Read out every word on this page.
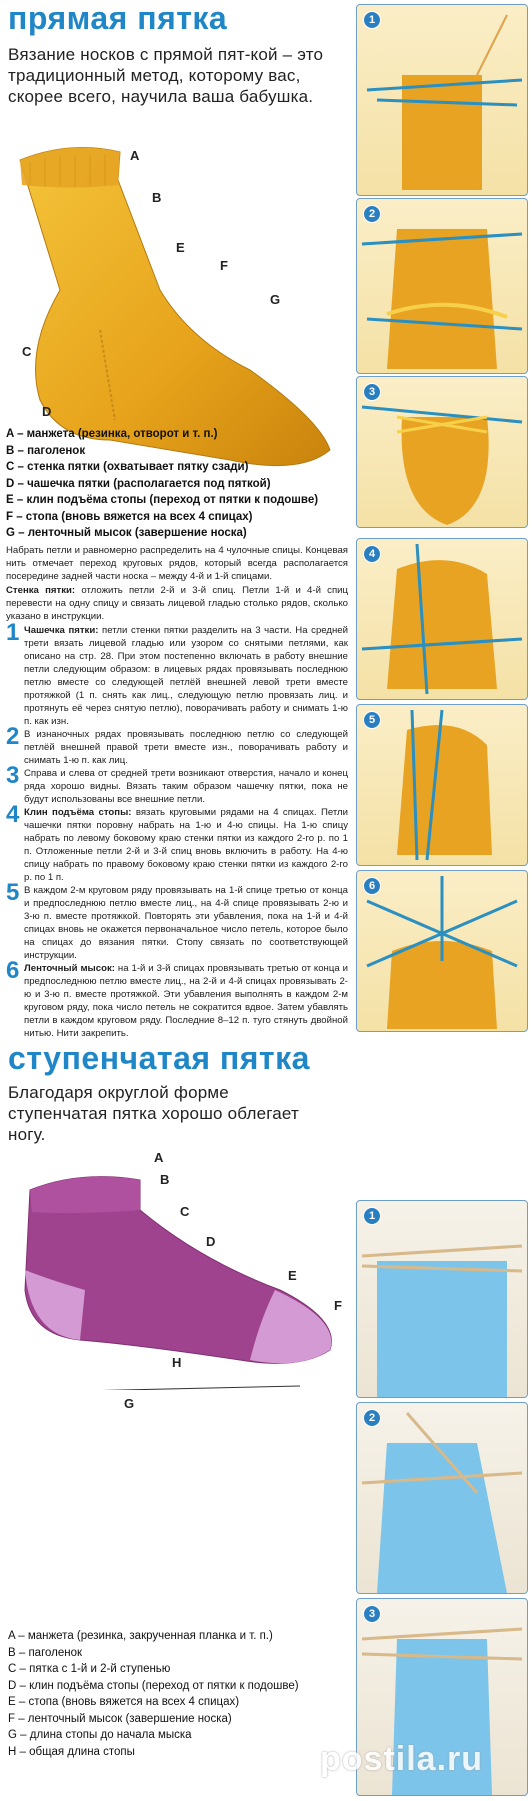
прямая пятка
Вязание носков с прямой пят-кой – это традиционный метод, которому вас, скорее всего, научила ваша бабушка.
A
B
E
F
G
C
D
A – манжета (резинка, отворот и т. п.)
B – паголенок
C – стенка пятки (охватывает пятку сзади)
D – чашечка пятки (располагается под пяткой)
E – клин подъёма стопы (переход от пятки к подошве)
F – стопа (вновь вяжется на всех 4 спицах)
G – ленточный мысок (завершение носка)

Набрать петли и равномерно распределить на 4 чулочные спицы. Концевая нить отмечает переход круговых рядов, который всегда располагается посередине задней части носка – между 4-й и 1-й спицами.

Стенка пятки: отложить петли 2-й и 3-й спиц. Петли 1-й и 4-й спиц перевести на одну спицу и связать лицевой гладью столько рядов, сколько указано в инструкции.

1 Чашечка пятки: петли стенки пятки разделить на 3 части. На средней трети вязать лицевой гладью или узором со снятыми петлями, как описано на стр. 28. При этом постепенно включать в работу внешние петли следующим образом: в лицевых рядах провязывать последнюю петлю вместе со следующей петлёй внешней левой трети вместе протяжкой (1 п. снять как лиц., следующую петлю провязать лиц. и протянуть её через снятую петлю), поворачивать работу и снимать 1-ю п. как изн.
2 В изнаночных рядах провязывать последнюю петлю со следующей петлёй внешней правой трети вместе изн., поворачивать работу и снимать 1-ю п. как лиц.
3 Справа и слева от средней трети возникают отверстия, начало и конец ряда хорошо видны. Вязать таким образом чашечку пятки, пока не будут использованы все внешние петли.
4 Клин подъёма стопы: вязать круговыми рядами на 4 спицах. Петли чашечки пятки поровну набрать на 1-ю и 4-ю спицы. На 1-ю спицу набрать по левому боковому краю стенки пятки из каждого 2-го р. по 1 п. Отложенные петли 2-й и 3-й спиц вновь включить в работу. На 4-ю спицу набрать по правому боковому краю стенки пятки из каждого 2-го р. по 1 п.
5 В каждом 2-м круговом ряду провязывать на 1-й спице третью от конца и предпоследнюю петлю вместе лиц., на 4-й спице провязывать 2-ю и 3-ю п. вместе протяжкой. Повторять эти убавления, пока на 1-й и 4-й спицах вновь не окажется первоначальное число петель, которое было на спицах до вязания пятки. Стопу связать по соответствующей инструкции.
6 Ленточный мысок: на 1-й и 3-й спицах провязывать третью от конца и предпоследнюю петлю вместе лиц., на 2-й и 4-й спицах провязывать 2-ю и 3-ю п. вместе протяжкой. Эти убавления выполнять в каждом 2-м круговом ряду, пока число петель не сократится вдвое. Затем убавлять петли в каждом круговом ряду. Последние 8–12 п. туго стянуть двойной нитью. Нити закрепить.
1
2
3
4
5
6
ступенчатая пятка
Благодаря округлой форме ступенчатая пятка хорошо облегает ногу.
A
B
C
D
E
F
H
G
A – манжета (резинка, закрученная планка и т. п.)
B – паголенок
C – пятка с 1-й и 2-й ступенью
D – клин подъёма стопы (переход от пятки к подошве)
E – стопа (вновь вяжется на всех 4 спицах)
F – ленточный мысок (завершение носка)
G – длина стопы до начала мыска
H – общая длина стопы
1
2
3
postila.ru
